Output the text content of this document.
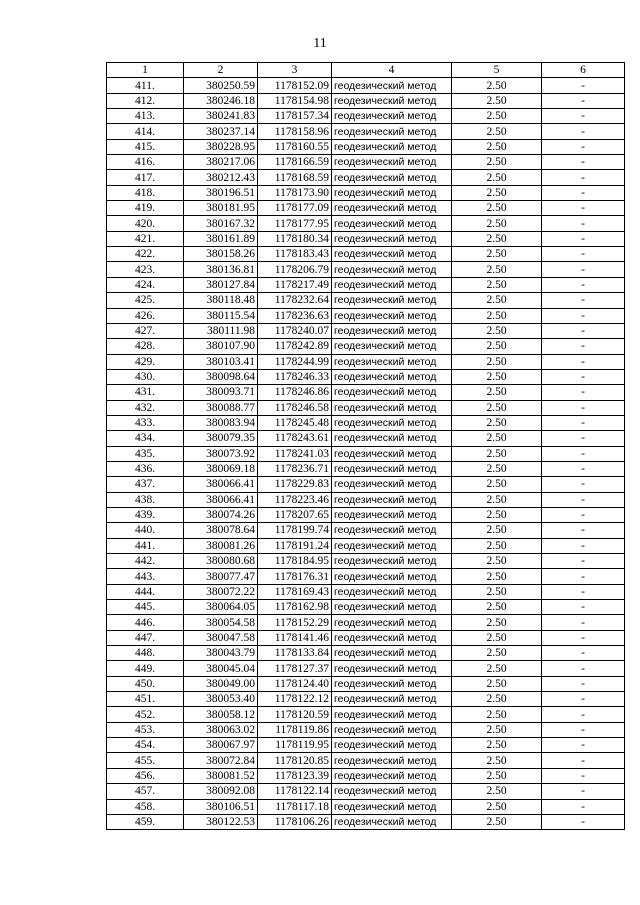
11
1	2	3	4	5	6
411.	380250.59	1178152.09	геодезический метод	2.50	-
412.	380246.18	1178154.98	геодезический метод	2.50	-
413.	380241.83	1178157.34	геодезический метод	2.50	-
414.	380237.14	1178158.96	геодезический метод	2.50	-
415.	380228.95	1178160.55	геодезический метод	2.50	-
416.	380217.06	1178166.59	геодезический метод	2.50	-
417.	380212.43	1178168.59	геодезический метод	2.50	-
418.	380196.51	1178173.90	геодезический метод	2.50	-
419.	380181.95	1178177.09	геодезический метод	2.50	-
420.	380167.32	1178177.95	геодезический метод	2.50	-
421.	380161.89	1178180.34	геодезический метод	2.50	-
422.	380158.26	1178183.43	геодезический метод	2.50	-
423.	380136.81	1178206.79	геодезический метод	2.50	-
424.	380127.84	1178217.49	геодезический метод	2.50	-
425.	380118.48	1178232.64	геодезический метод	2.50	-
426.	380115.54	1178236.63	геодезический метод	2.50	-
427.	380111.98	1178240.07	геодезический метод	2.50	-
428.	380107.90	1178242.89	геодезический метод	2.50	-
429.	380103.41	1178244.99	геодезический метод	2.50	-
430.	380098.64	1178246.33	геодезический метод	2.50	-
431.	380093.71	1178246.86	геодезический метод	2.50	-
432.	380088.77	1178246.58	геодезический метод	2.50	-
433.	380083.94	1178245.48	геодезический метод	2.50	-
434.	380079.35	1178243.61	геодезический метод	2.50	-
435.	380073.92	1178241.03	геодезический метод	2.50	-
436.	380069.18	1178236.71	геодезический метод	2.50	-
437.	380066.41	1178229.83	геодезический метод	2.50	-
438.	380066.41	1178223.46	геодезический метод	2.50	-
439.	380074.26	1178207.65	геодезический метод	2.50	-
440.	380078.64	1178199.74	геодезический метод	2.50	-
441.	380081.26	1178191.24	геодезический метод	2.50	-
442.	380080.68	1178184.95	геодезический метод	2.50	-
443.	380077.47	1178176.31	геодезический метод	2.50	-
444.	380072.22	1178169.43	геодезический метод	2.50	-
445.	380064.05	1178162.98	геодезический метод	2.50	-
446.	380054.58	1178152.29	геодезический метод	2.50	-
447.	380047.58	1178141.46	геодезический метод	2.50	-
448.	380043.79	1178133.84	геодезический метод	2.50	-
449.	380045.04	1178127.37	геодезический метод	2.50	-
450.	380049.00	1178124.40	геодезический метод	2.50	-
451.	380053.40	1178122.12	геодезический метод	2.50	-
452.	380058.12	1178120.59	геодезический метод	2.50	-
453.	380063.02	1178119.86	геодезический метод	2.50	-
454.	380067.97	1178119.95	геодезический метод	2.50	-
455.	380072.84	1178120.85	геодезический метод	2.50	-
456.	380081.52	1178123.39	геодезический метод	2.50	-
457.	380092.08	1178122.14	геодезический метод	2.50	-
458.	380106.51	1178117.18	геодезический метод	2.50	-
459.	380122.53	1178106.26	геодезический метод	2.50	-
